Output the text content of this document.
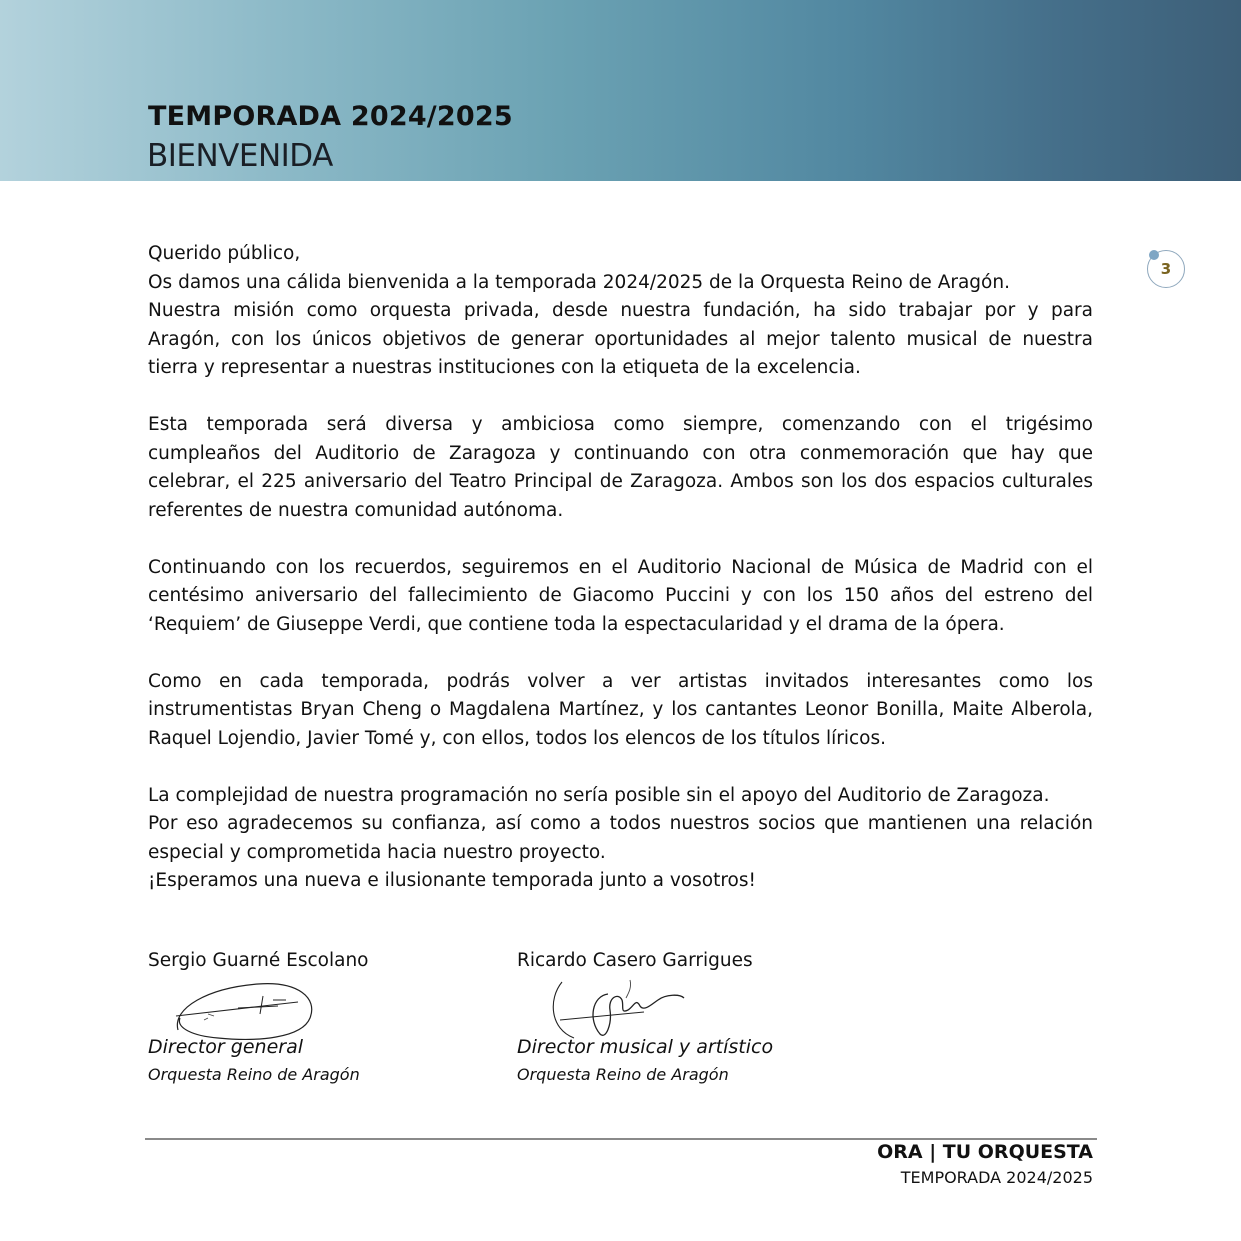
TEMPORADA 2024/2025
BIENVENIDA
3

Querido público,
Os damos una cálida bienvenida a la temporada 2024/2025 de la Orquesta Reino de Aragón.
Nuestra misión como orquesta privada, desde nuestra fundación, ha sido trabajar por y para
Aragón, con los únicos objetivos de generar oportunidades al mejor talento musical de nuestra
tierra y representar a nuestras instituciones con la etiqueta de la excelencia.

Esta temporada será diversa y ambiciosa como siempre, comenzando con el trigésimo
cumpleaños del Auditorio de Zaragoza y continuando con otra conmemoración que hay que
celebrar, el 225 aniversario del Teatro Principal de Zaragoza. Ambos son los dos espacios culturales
referentes de nuestra comunidad autónoma.

Continuando con los recuerdos, seguiremos en el Auditorio Nacional de Música de Madrid con el
centésimo aniversario del fallecimiento de Giacomo Puccini y con los 150 años del estreno del
‘Requiem’ de Giuseppe Verdi, que contiene toda la espectacularidad y el drama de la ópera.

Como en cada temporada, podrás volver a ver artistas invitados interesantes como los
instrumentistas Bryan Cheng o Magdalena Martínez, y los cantantes Leonor Bonilla, Maite Alberola,
Raquel Lojendio, Javier Tomé y, con ellos, todos los elencos de los títulos líricos.

La complejidad de nuestra programación no sería posible sin el apoyo del Auditorio de Zaragoza.
Por eso agradecemos su confianza, así como a todos nuestros socios que mantienen una relación
especial y comprometida hacia nuestro proyecto.
¡Esperamos una nueva e ilusionante temporada junto a vosotros!

Sergio Guarné Escolano
Director general
Orquesta Reino de Aragón
Ricardo Casero Garrigues
Director musical y artístico
Orquesta Reino de Aragón
ORA | TU ORQUESTA
TEMPORADA 2024/2025
